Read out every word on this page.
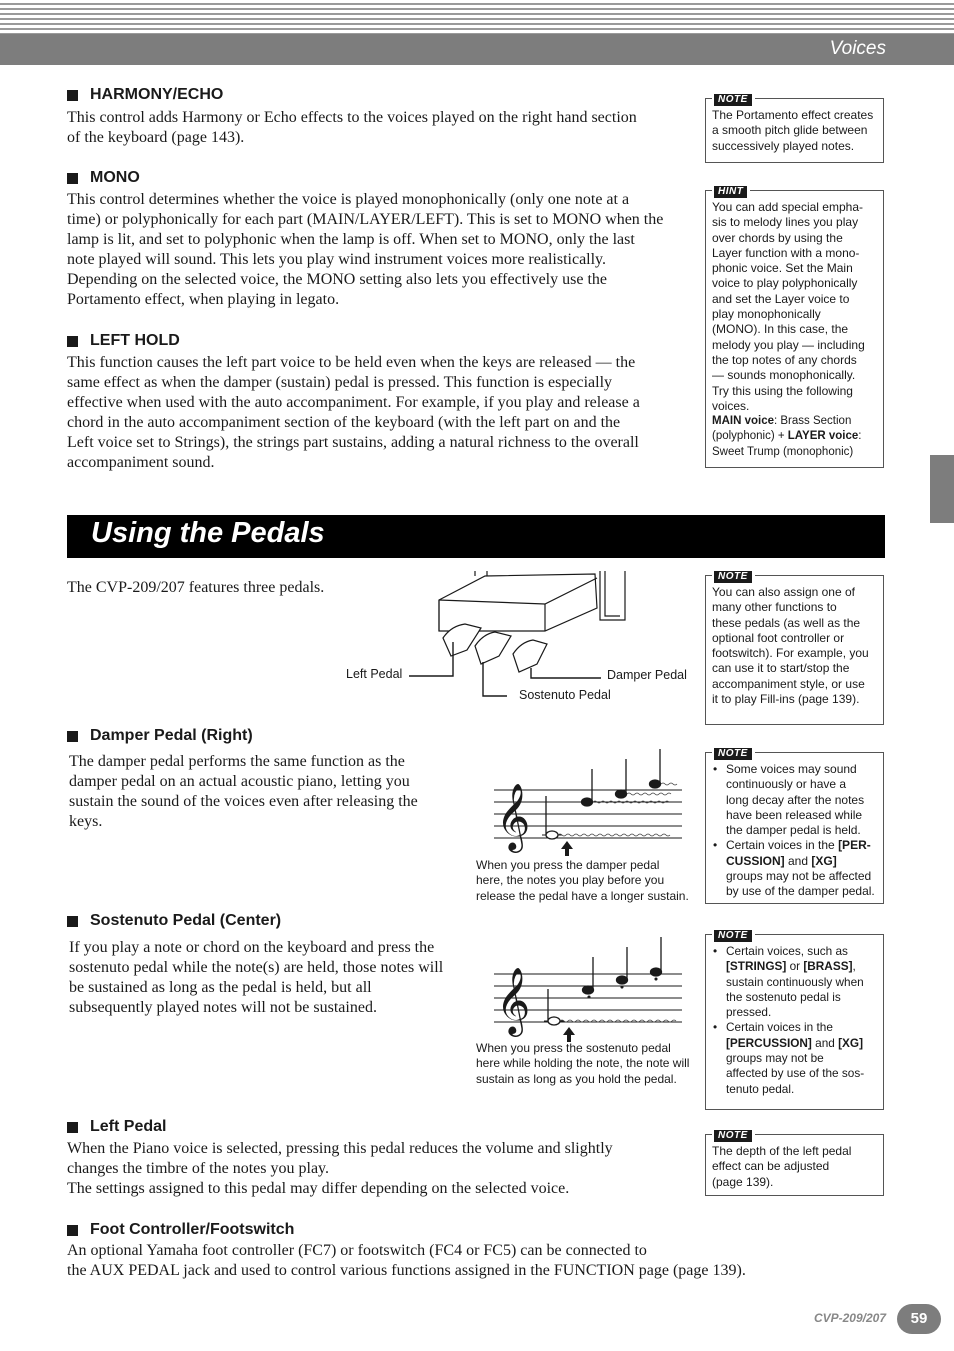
Voices
HARMONY/ECHO
This control adds Harmony or Echo effects to the voices played on the right hand section
of the keyboard (page 143).
MONO
This control determines whether the voice is played monophonically (only one note at a
time) or polyphonically for each part (MAIN/LAYER/LEFT). This is set to MONO when the
lamp is lit, and set to polyphonic when the lamp is off. When set to MONO, only the last
note played will sound. This lets you play wind instrument voices more realistically.
Depending on the selected voice, the MONO setting also lets you effectively use the
Portamento effect, when playing in legato.
LEFT HOLD
This function causes the left part voice to be held even when the keys are released — the
same effect as when the damper (sustain) pedal is pressed. This function is especially
effective when used with the auto accompaniment. For example, if you play and release a
chord in the auto accompaniment section of the keyboard (with the left part on and the
Left voice set to Strings), the strings part sustains, adding a natural richness to the overall
accompaniment sound.
NOTE
The Portamento effect creates
a smooth pitch glide between
successively played notes.
HINT
You can add special empha-
sis to melody lines you play
over chords by using the
Layer function with a mono-
phonic voice. Set the Main
voice to play polyphonically
and set the Layer voice to
play monophonically
(MONO). In this case, the
melody you play — including
the top notes of any chords
— sounds monophonically.
Try this using the following
voices.
MAIN voice: Brass Section
(polyphonic) + LAYER voice:
Sweet Trump (monophonic)
Using the Pedals
The CVP-209/207 features three pedals.
Left Pedal	Damper Pedal
Sostenuto Pedal
NOTE
You can also assign one of
many other functions to
these pedals (as well as the
optional foot controller or
footswitch). For example, you
can use it to start/stop the
accompaniment style, or use
it to play Fill-ins (page 139).
Damper Pedal (Right)
The damper pedal performs the same function as the
damper pedal on an actual acoustic piano, letting you
sustain the sound of the voices even after releasing the
keys.	𝄞
When you press the damper pedal
here, the notes you play before you
release the pedal have a longer sustain.
NOTE
• Some voices may sound
continuously or have a
long decay after the notes
have been released while
the damper pedal is held.
• Certain voices in the [PER-
CUSSION] and [XG]
groups may not be affected
by use of the damper pedal.
Sostenuto Pedal (Center)
If you play a note or chord on the keyboard and press the
sostenuto pedal while the note(s) are held, those notes will
be sustained as long as the pedal is held, but all
subsequently played notes will not be sustained.	𝄞
When you press the sostenuto pedal
here while holding the note, the note will
sustain as long as you hold the pedal.
NOTE
• Certain voices, such as
[STRINGS] or [BRASS],
sustain continuously when
the sostenuto pedal is
pressed.
• Certain voices in the
[PERCUSSION] and [XG]
groups may not be
affected by use of the sos-
tenuto pedal.
Left Pedal
When the Piano voice is selected, pressing this pedal reduces the volume and slightly
changes the timbre of the notes you play.
The settings assigned to this pedal may differ depending on the selected voice.
NOTE
The depth of the left pedal
effect can be adjusted
(page 139).
Foot Controller/Footswitch
An optional Yamaha foot controller (FC7) or footswitch (FC4 or FC5) can be connected to
the AUX PEDAL jack and used to control various functions assigned in the FUNCTION page (page 139).
CVP-209/207	59
